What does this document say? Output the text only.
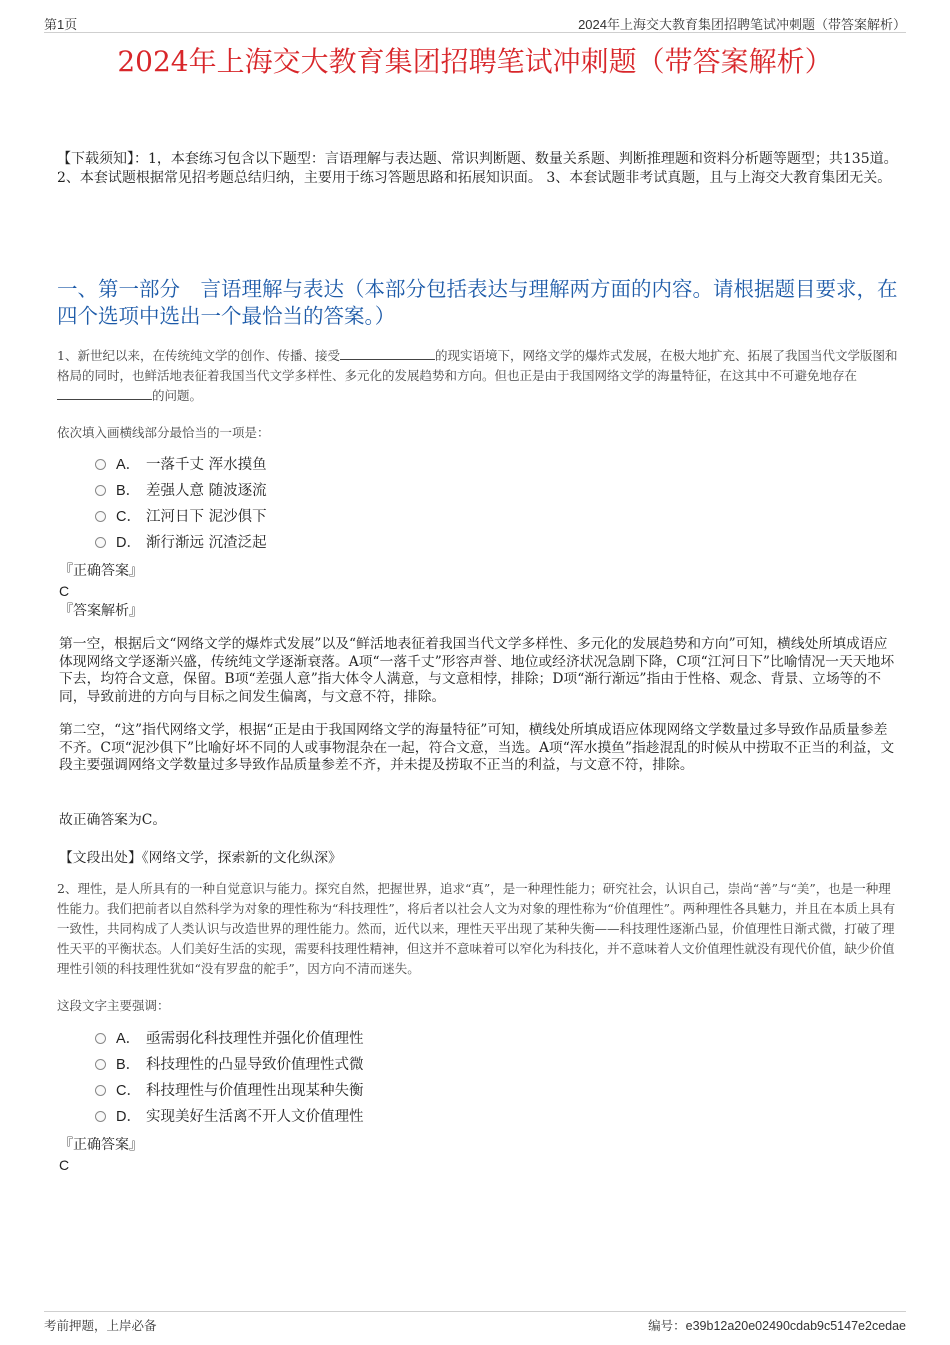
第1页	2024年上海交大教育集团招聘笔试冲刺题（带答案解析）
2024年上海交大教育集团招聘笔试冲刺题（带答案解析）
【下载须知】：1，本套练习包含以下题型：言语理解与表达题、常识判断题、数量关系题、判断推理题和资料分析题等题型；共135道。 2、本套试题根据常见招考题总结归纳，主要用于练习答题思路和拓展知识面。 3、本套试题非考试真题，且与上海交大教育集团无关。
一、第一部分　言语理解与表达（本部分包括表达与理解两方面的内容。请根据题目要求，在四个选项中选出一个最恰当的答案。）
1、新世纪以来，在传统纯文学的创作、传播、接受	的现实语境下，网络文学的爆炸式发展，在极大地扩充、拓展了我国当代文学版图和格局的同时，也鲜活地表征着我国当代文学多样性、多元化的发展趋势和方向。但也正是由于我国网络文学的海量特征，在这其中不可避免地存在的问题。
依次填入画横线部分最恰当的一项是：
A． 一落千丈 浑水摸鱼
B． 差强人意 随波逐流
C． 江河日下 泥沙俱下
D． 渐行渐远 沉渣泛起
『正确答案』
C
『答案解析』
第一空，根据后文“网络文学的爆炸式发展”以及“鲜活地表征着我国当代文学多样性、多元化的发展趋势和方向”可知，横线处所填成语应体现网络文学逐渐兴盛，传统纯文学逐渐衰落。A项“一落千丈”形容声誉、地位或经济状况急剧下降，C项“江河日下”比喻情况一天天地坏下去，均符合文意，保留。B项“差强人意”指大体令人满意，与文意相悖，排除；D项“渐行渐远”指由于性格、观念、背景、立场等的不同，导致前进的方向与目标之间发生偏离，与文意不符，排除。
第二空，“这”指代网络文学，根据“正是由于我国网络文学的海量特征”可知，横线处所填成语应体现网络文学数量过多导致作品质量参差不齐。C项“泥沙俱下”比喻好坏不同的人或事物混杂在一起，符合文意，当选。A项“浑水摸鱼”指趁混乱的时候从中捞取不正当的利益，文段主要强调网络文学数量过多导致作品质量参差不齐，并未提及捞取不正当的利益，与文意不符，排除。
故正确答案为C。
【文段出处】《网络文学，探索新的文化纵深》
2、理性，是人所具有的一种自觉意识与能力。探究自然，把握世界，追求“真”，是一种理性能力；研究社会，认识自己，崇尚“善”与“美”，也是一种理性能力。我们把前者以自然科学为对象的理性称为“科技理性”，将后者以社会人文为对象的理性称为“价值理性”。两种理性各具魅力，并且在本质上具有一致性，共同构成了人类认识与改造世界的理性能力。然而，近代以来，理性天平出现了某种失衡——科技理性逐渐凸显，价值理性日渐式微，打破了理性天平的平衡状态。人们美好生活的实现，需要科技理性精神，但这并不意味着可以窄化为科技化，并不意味着人文价值理性就没有现代价值，缺少价值理性引领的科技理性犹如“没有罗盘的舵手”，因方向不清而迷失。
这段文字主要强调：
A． 亟需弱化科技理性并强化价值理性
B． 科技理性的凸显导致价值理性式微
C． 科技理性与价值理性出现某种失衡
D． 实现美好生活离不开人文价值理性
『正确答案』
C
考前押题，上岸必备	编号：e39b12a20e02490cdab9c5147e2cedae
